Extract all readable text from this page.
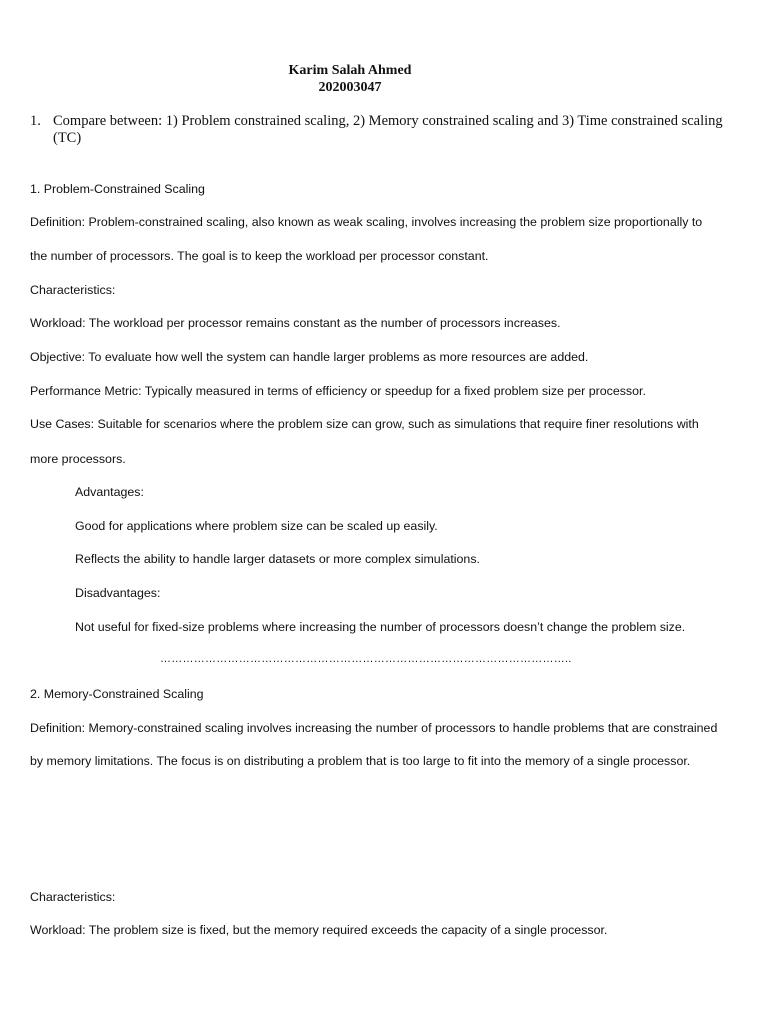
Karim Salah Ahmed
202003047
1. Compare between: 1) Problem constrained scaling, 2) Memory constrained scaling and 3) Time constrained scaling (TC)
1. Problem-Constrained Scaling
Definition: Problem-constrained scaling, also known as weak scaling, involves increasing the problem size proportionally to
the number of processors. The goal is to keep the workload per processor constant.
Characteristics:
Workload: The workload per processor remains constant as the number of processors increases.
Objective: To evaluate how well the system can handle larger problems as more resources are added.
Performance Metric: Typically measured in terms of efficiency or speedup for a fixed problem size per processor.
Use Cases: Suitable for scenarios where the problem size can grow, such as simulations that require finer resolutions with
more processors.
Advantages:
Good for applications where problem size can be scaled up easily.
Reflects the ability to handle larger datasets or more complex simulations.
Disadvantages:
Not useful for fixed-size problems where increasing the number of processors doesn’t change the problem size.
………………………………………………………………………………………………..
2. Memory-Constrained Scaling
Definition: Memory-constrained scaling involves increasing the number of processors to handle problems that are constrained
by memory limitations. The focus is on distributing a problem that is too large to fit into the memory of a single processor.
Characteristics:
Workload: The problem size is fixed, but the memory required exceeds the capacity of a single processor.
